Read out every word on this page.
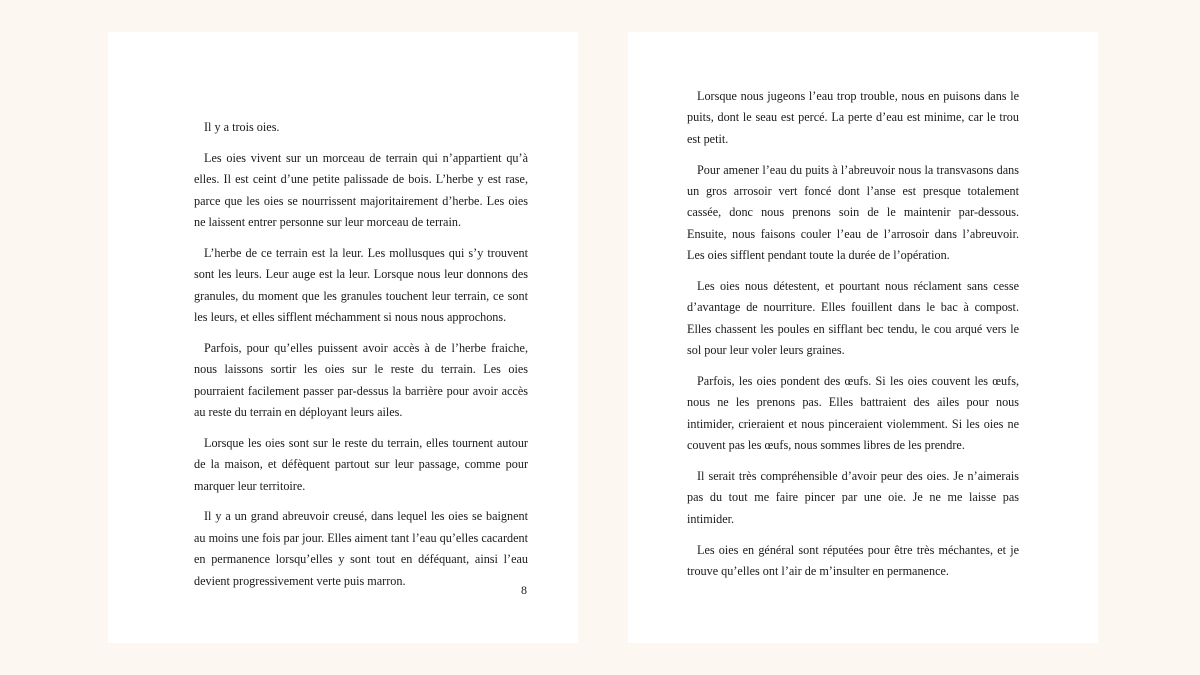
Il y a trois oies.

Les oies vivent sur un morceau de terrain qui n’appartient qu’à elles. Il est ceint d’une petite palissade de bois. L’herbe y est rase, parce que les oies se nourrissent majoritairement d’herbe. Les oies ne laissent entrer personne sur leur morceau de terrain.

L’herbe de ce terrain est la leur. Les mollusques qui s’y trouvent sont les leurs. Leur auge est la leur. Lorsque nous leur donnons des granules, du moment que les granules touchent leur terrain, ce sont les leurs, et elles sifflent méchamment si nous nous approchons.

Parfois, pour qu’elles puissent avoir accès à de l’herbe fraiche, nous laissons sortir les oies sur le reste du terrain. Les oies pourraient facilement passer par-dessus la barrière pour avoir accès au reste du terrain en déployant leurs ailes.

Lorsque les oies sont sur le reste du terrain, elles tournent autour de la maison, et défèquent partout sur leur passage, comme pour marquer leur territoire.

Il y a un grand abreuvoir creusé, dans lequel les oies se baignent au moins une fois par jour. Elles aiment tant l’eau qu’elles cacardent en permanence lorsqu’elles y sont tout en déféquant, ainsi l’eau devient progressivement verte puis marron.

8

Lorsque nous jugeons l’eau trop trouble, nous en puisons dans le puits, dont le seau est percé. La perte d’eau est minime, car le trou est petit.

Pour amener l’eau du puits à l’abreuvoir nous la transvasons dans un gros arrosoir vert foncé dont l’anse est presque totalement cassée, donc nous prenons soin de le maintenir par-dessous. Ensuite, nous faisons couler l’eau de l’arrosoir dans l’abreuvoir. Les oies sifflent pendant toute la durée de l’opération.

Les oies nous détestent, et pourtant nous réclament sans cesse d’avantage de nourriture. Elles fouillent dans le bac à compost. Elles chassent les poules en sifflant bec tendu, le cou arqué vers le sol pour leur voler leurs graines.

Parfois, les oies pondent des œufs. Si les oies couvent les œufs, nous ne les prenons pas. Elles battraient des ailes pour nous intimider, crieraient et nous pinceraient violemment. Si les oies ne couvent pas les œufs, nous sommes libres de les prendre.

Il serait très compréhensible d’avoir peur des oies. Je n’aimerais pas du tout me faire pincer par une oie. Je ne me laisse pas intimider.

Les oies en général sont réputées pour être très méchantes, et je trouve qu’elles ont l’air de m’insulter en permanence.
